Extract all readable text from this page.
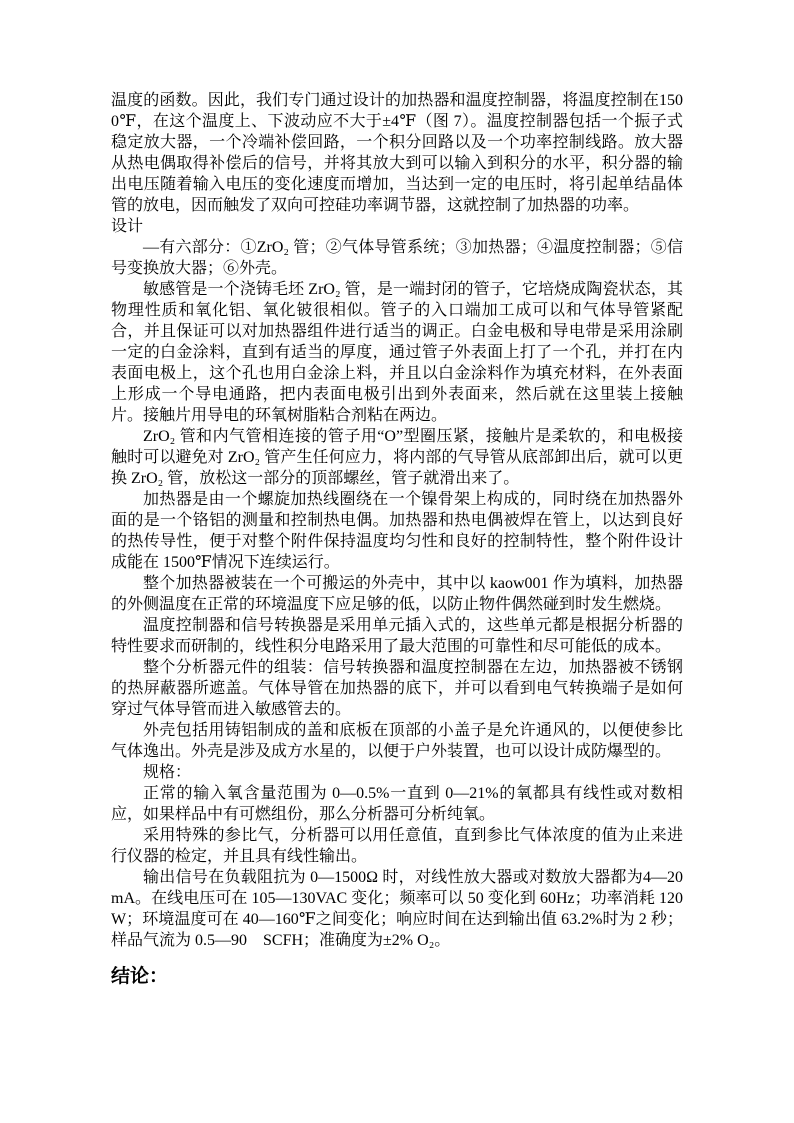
温度的函数。因此，我们专门通过设计的加热器和温度控制器，将温度控制在1500℉，在这个温度上、下波动应不大于±4℉（图 7）。温度控制器包括一个振子式稳定放大器，一个冷端补偿回路，一个积分回路以及一个功率控制线路。放大器从热电偶取得补偿后的信号，并将其放大到可以输入到积分的水平，积分器的输出电压随着输入电压的变化速度而增加，当达到一定的电压时，将引起单结晶体管的放电，因而触发了双向可控硅功率调节器，这就控制了加热器的功率。

设计

—有六部分：①ZrO₂ 管；②气体导管系统；③加热器；④温度控制器；⑤信号变换放大器；⑥外壳。

敏感管是一个浇铸毛坯 ZrO₂ 管，是一端封闭的管子，它培烧成陶瓷状态，其物理性质和氧化铝、氧化铍很相似。管子的入口端加工成可以和气体导管紧配合，并且保证可以对加热器组件进行适当的调正。白金电极和导电带是采用涂刷一定的白金涂料，直到有适当的厚度，通过管子外表面上打了一个孔，并打在内表面电极上，这个孔也用白金涂上料，并且以白金涂料作为填充材料，在外表面上形成一个导电通路，把内表面电极引出到外表面来，然后就在这里装上接触片。接触片用导电的环氧树脂粘合剂粘在两边。

ZrO₂ 管和内气管相连接的管子用“O”型圈压紧，接触片是柔软的，和电极接触时可以避免对 ZrO₂ 管产生任何应力，将内部的气导管从底部卸出后，就可以更换 ZrO₂ 管，放松这一部分的顶部螺丝，管子就滑出来了。

加热器是由一个螺旋加热线圈绕在一个镍骨架上构成的，同时绕在加热器外面的是一个铬铝的测量和控制热电偶。加热器和热电偶被焊在管上，以达到良好的热传导性，便于对整个附件保持温度均匀性和良好的控制特性，整个附件设计成能在 1500℉情况下连续运行。

整个加热器被装在一个可搬运的外壳中，其中以 kaow001 作为填料，加热器的外侧温度在正常的环境温度下应足够的低，以防止物件偶然碰到时发生燃烧。

温度控制器和信号转换器是采用单元插入式的，这些单元都是根据分析器的特性要求而研制的，线性积分电路采用了最大范围的可靠性和尽可能低的成本。

整个分析器元件的组装：信号转换器和温度控制器在左边，加热器被不锈钢的热屏蔽器所遮盖。气体导管在加热器的底下，并可以看到电气转换端子是如何穿过气体导管而进入敏感管去的。

外壳包括用铸铝制成的盖和底板在顶部的小盖子是允许通风的，以便使参比气体逸出。外壳是涉及成方水星的，以便于户外装置，也可以设计成防爆型的。

规格：

正常的输入氧含量范围为 0—0.5%一直到 0—21%的氧都具有线性或对数相应，如果样品中有可燃组份，那么分析器可分析纯氧。

采用特殊的参比气，分析器可以用任意值，直到参比气体浓度的值为止来进行仪器的检定，并且具有线性输出。

输出信号在负载阻抗为 0—1500Ω 时，对线性放大器或对数放大器都为4—20mA。在线电压可在 105—130VAC 变化；频率可以 50 变化到 60Hz；功率消耗 120W；环境温度可在 40—160℉之间变化；响应时间在达到输出值 63.2%时为 2 秒；样品气流为 0.5—90　SCFH；准确度为±2% O₂。

结论：
